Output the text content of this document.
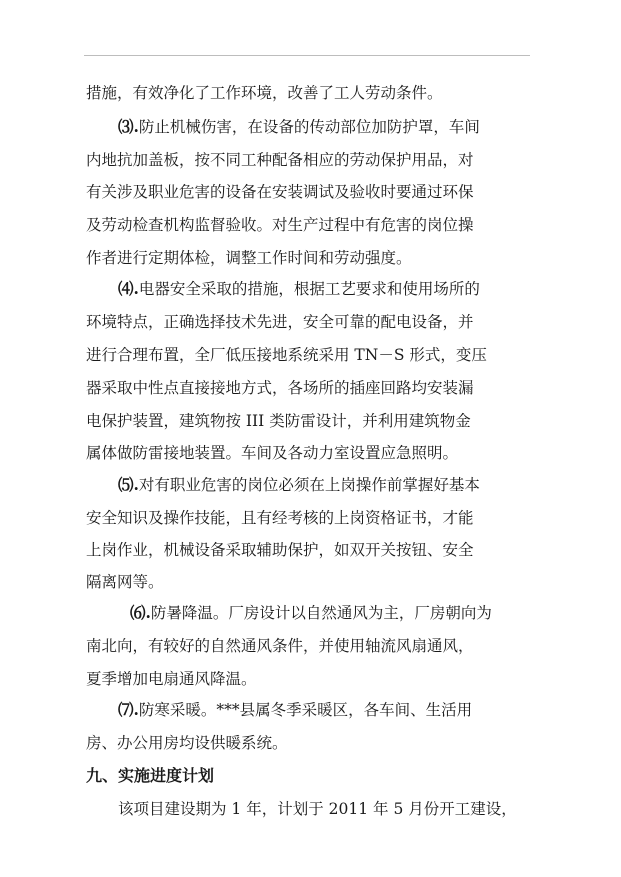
措施，有效净化了工作环境，改善了工人劳动条件。
⑶.防止机械伤害，在设备的传动部位加防护罩，车间
内地抗加盖板，按不同工种配备相应的劳动保护用品，对
有关涉及职业危害的设备在安装调试及验收时要通过环保
及劳动检查机构监督验收。对生产过程中有危害的岗位操
作者进行定期体检，调整工作时间和劳动强度。
⑷.电器安全采取的措施，根据工艺要求和使用场所的
环境特点，正确选择技术先进，安全可靠的配电设备，并
进行合理布置，全厂低压接地系统采用 TN－S 形式，变压
器采取中性点直接接地方式，各场所的插座回路均安装漏
电保护装置，建筑物按 III 类防雷设计，并利用建筑物金
属体做防雷接地装置。车间及各动力室设置应急照明。
⑸.对有职业危害的岗位必须在上岗操作前掌握好基本
安全知识及操作技能，且有经考核的上岗资格证书，才能
上岗作业，机械设备采取辅助保护，如双开关按钮、安全
隔离网等。
⑹.防暑降温。厂房设计以自然通风为主，厂房朝向为
南北向，有较好的自然通风条件，并使用轴流风扇通风，
夏季增加电扇通风降温。
⑺.防寒采暖。***县属冬季采暖区，各车间、生活用
房、办公用房均设供暖系统。
九、实施进度计划
该项目建设期为 1 年，计划于 2011 年 5 月份开工建设，
